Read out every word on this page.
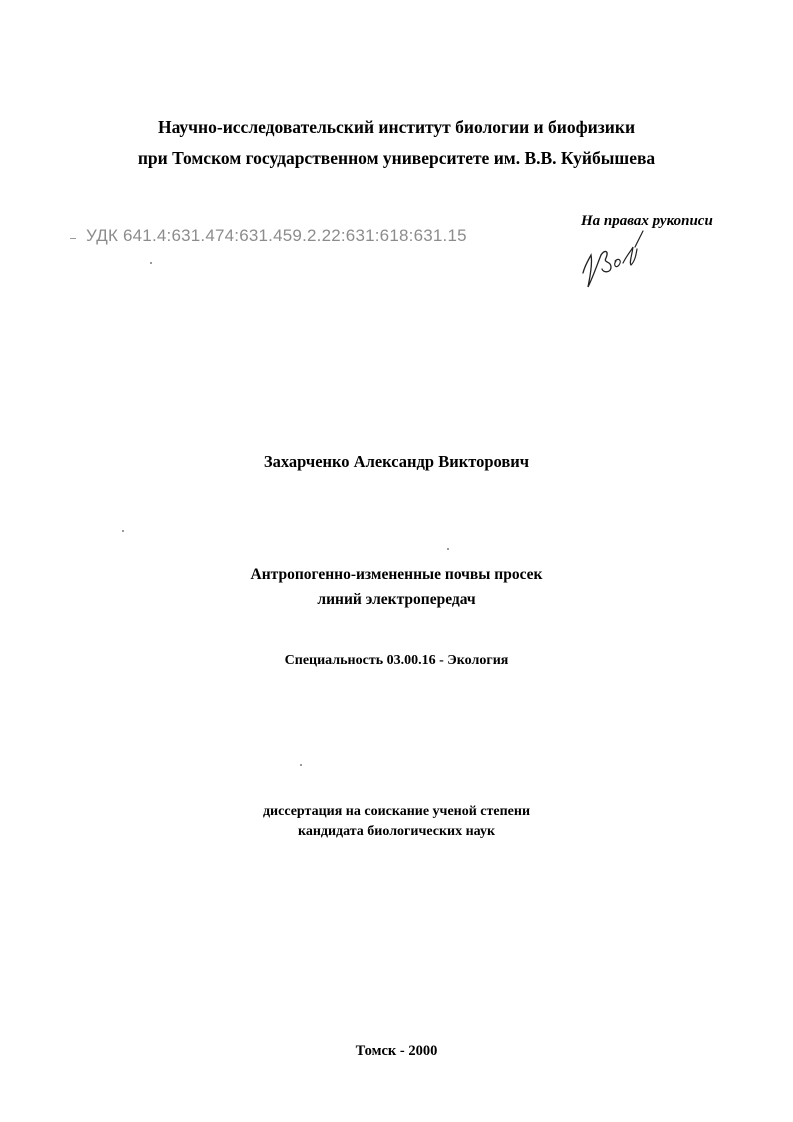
Научно-исследовательский институт биологии и биофизики
при Томском государственном университете им. В.В. Куйбышева
УДК 641.4:631.474:631.459.2.22:631:618:631.15
На правах рукописи
Захарченко Александр Викторович
Антропогенно-измененные почвы просек
линий электропередач
Специальность 03.00.16 - Экология
диссертация на соискание ученой степени
кандидата биологических наук
Томск - 2000
